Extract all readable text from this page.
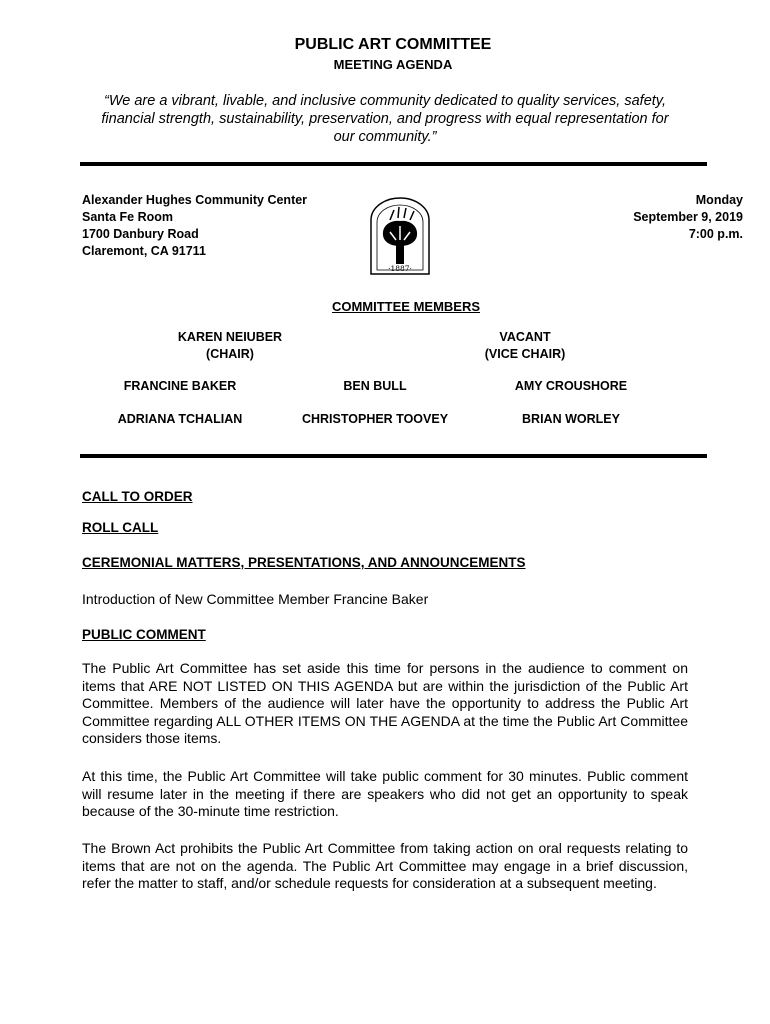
PUBLIC ART COMMITTEE
MEETING AGENDA
“We are a vibrant, livable, and inclusive community dedicated to quality services, safety, financial strength, sustainability, preservation, and progress with equal representation for our community.”
Alexander Hughes Community Center
Santa Fe Room
1700 Danbury Road
Claremont, CA 91711
·1887·
Monday
September 9, 2019
7:00 p.m.
COMMITTEE MEMBERS
KAREN NEIUBER
(CHAIR)
VACANT
(VICE CHAIR)
FRANCINE BAKER	BEN BULL	AMY CROUSHORE
ADRIANA TCHALIAN	CHRISTOPHER TOOVEY	BRIAN WORLEY
CALL TO ORDER
ROLL CALL
CEREMONIAL MATTERS, PRESENTATIONS, AND ANNOUNCEMENTS
Introduction of New Committee Member Francine Baker
PUBLIC COMMENT
The Public Art Committee has set aside this time for persons in the audience to comment on items that ARE NOT LISTED ON THIS AGENDA but are within the jurisdiction of the Public Art Committee. Members of the audience will later have the opportunity to address the Public Art Committee regarding ALL OTHER ITEMS ON THE AGENDA at the time the Public Art Committee considers those items.
At this time, the Public Art Committee will take public comment for 30 minutes. Public comment will resume later in the meeting if there are speakers who did not get an opportunity to speak because of the 30-minute time restriction.
The Brown Act prohibits the Public Art Committee from taking action on oral requests relating to items that are not on the agenda. The Public Art Committee may engage in a brief discussion, refer the matter to staff, and/or schedule requests for consideration at a subsequent meeting.
